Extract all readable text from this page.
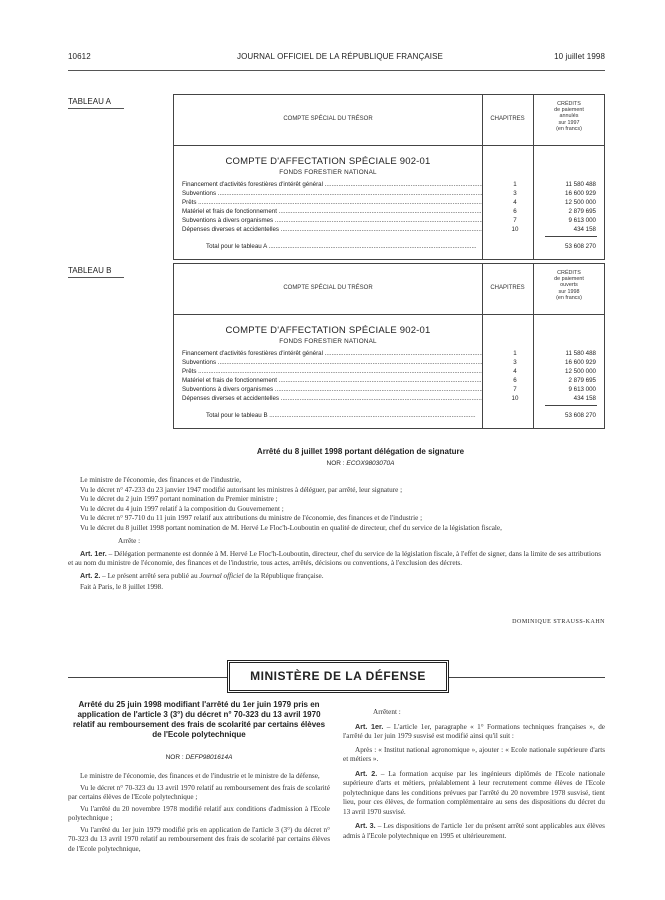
10612	JOURNAL OFFICIEL DE LA RÉPUBLIQUE FRANÇAISE	10 juillet 1998
TABLEAU A
COMPTE SPÉCIAL DU TRÉSOR	CHAPITRES
CRÉDITS
de paiement
annulés
sur 1997
(en francs)
COMPTE D'AFFECTATION SPÉCIALE 902-01
FONDS FORESTIER NATIONAL
Financement d'activités forestières d'intérêt général .....	1	11 580 488
Subventions .....	3	16 600 929
Prêts .....	4	12 500 000
Matériel et frais de fonctionnement .....	6	2 879 695
Subventions à divers organismes .....	7	9 613 000
Dépenses diverses et accidentelles .....	10	434 158
Total pour le tableau A .....	53 608 270
TABLEAU B
COMPTE SPÉCIAL DU TRÉSOR	CHAPITRES
CRÉDITS
de paiement
ouverts
sur 1998
(en francs)
COMPTE D'AFFECTATION SPÉCIALE 902-01
FONDS FORESTIER NATIONAL
Financement d'activités forestières d'intérêt général .....	1	11 580 488
Subventions .....	3	16 600 929
Prêts .....	4	12 500 000
Matériel et frais de fonctionnement .....	6	2 879 695
Subventions à divers organismes .....	7	9 613 000
Dépenses diverses et accidentelles .....	10	434 158
Total pour le tableau B .....	53 608 270
Arrêté du 8 juillet 1998 portant délégation de signature
NOR : ECOX9803070A
Le ministre de l'économie, des finances et de l'industrie,
Vu le décret n° 47-233 du 23 janvier 1947 modifié autorisant les ministres à déléguer, par arrêté, leur signature ;
Vu le décret du 2 juin 1997 portant nomination du Premier ministre ;
Vu le décret du 4 juin 1997 relatif à la composition du Gouvernement ;
Vu le décret n° 97-710 du 11 juin 1997 relatif aux attributions du ministre de l'économie, des finances et de l'industrie ;
Vu le décret du 8 juillet 1998 portant nomination de M. Hervé Le Floc'h-Louboutin en qualité de directeur, chef du service de la législation fiscale,
Arrête :
Art. 1er. – Délégation permanente est donnée à M. Hervé Le Floc'h-Louboutin, directeur, chef du service de la législation fiscale, à l'effet de signer, dans la limite de ses attributions et au nom du ministre de l'économie, des finances et de l'industrie, tous actes, arrêtés, décisions ou conventions, à l'exclusion des décrets.
Art. 2. – Le présent arrêté sera publié au Journal officiel de la République française.
Fait à Paris, le 8 juillet 1998.
DOMINIQUE STRAUSS-KAHN
MINISTÈRE DE LA DÉFENSE
Arrêté du 25 juin 1998 modifiant l'arrêté du 1er juin 1979 pris en application de l'article 3 (3°) du décret n° 70-323 du 13 avril 1970 relatif au remboursement des frais de scolarité par certains élèves de l'Ecole polytechnique
NOR : DEFP9801614A
Le ministre de l'économie, des finances et de l'industrie et le ministre de la défense,
Vu le décret n° 70-323 du 13 avril 1970 relatif au remboursement des frais de scolarité par certains élèves de l'Ecole polytechnique ;
Vu l'arrêté du 20 novembre 1978 modifié relatif aux conditions d'admission à l'Ecole polytechnique ;
Vu l'arrêté du 1er juin 1979 modifié pris en application de l'article 3 (3°) du décret n° 70-323 du 13 avril 1970 relatif au remboursement des frais de scolarité par certains élèves de l'Ecole polytechnique,
Arrêtent :
Art. 1er. – L'article 1er, paragraphe « 1° Formations techniques françaises », de l'arrêté du 1er juin 1979 susvisé est modifié ainsi qu'il suit :
Après : « Institut national agronomique », ajouter : « Ecole nationale supérieure d'arts et métiers ».
Art. 2. – La formation acquise par les ingénieurs diplômés de l'Ecole nationale supérieure d'arts et métiers, préalablement à leur recrutement comme élèves de l'Ecole polytechnique dans les conditions prévues par l'arrêté du 20 novembre 1978 susvisé, tient lieu, pour ces élèves, de formation complémentaire au sens des dispositions du décret du 13 avril 1970 susvisé.
Art. 3. – Les dispositions de l'article 1er du présent arrêté sont applicables aux élèves admis à l'Ecole polytechnique en 1995 et ultérieurement.
